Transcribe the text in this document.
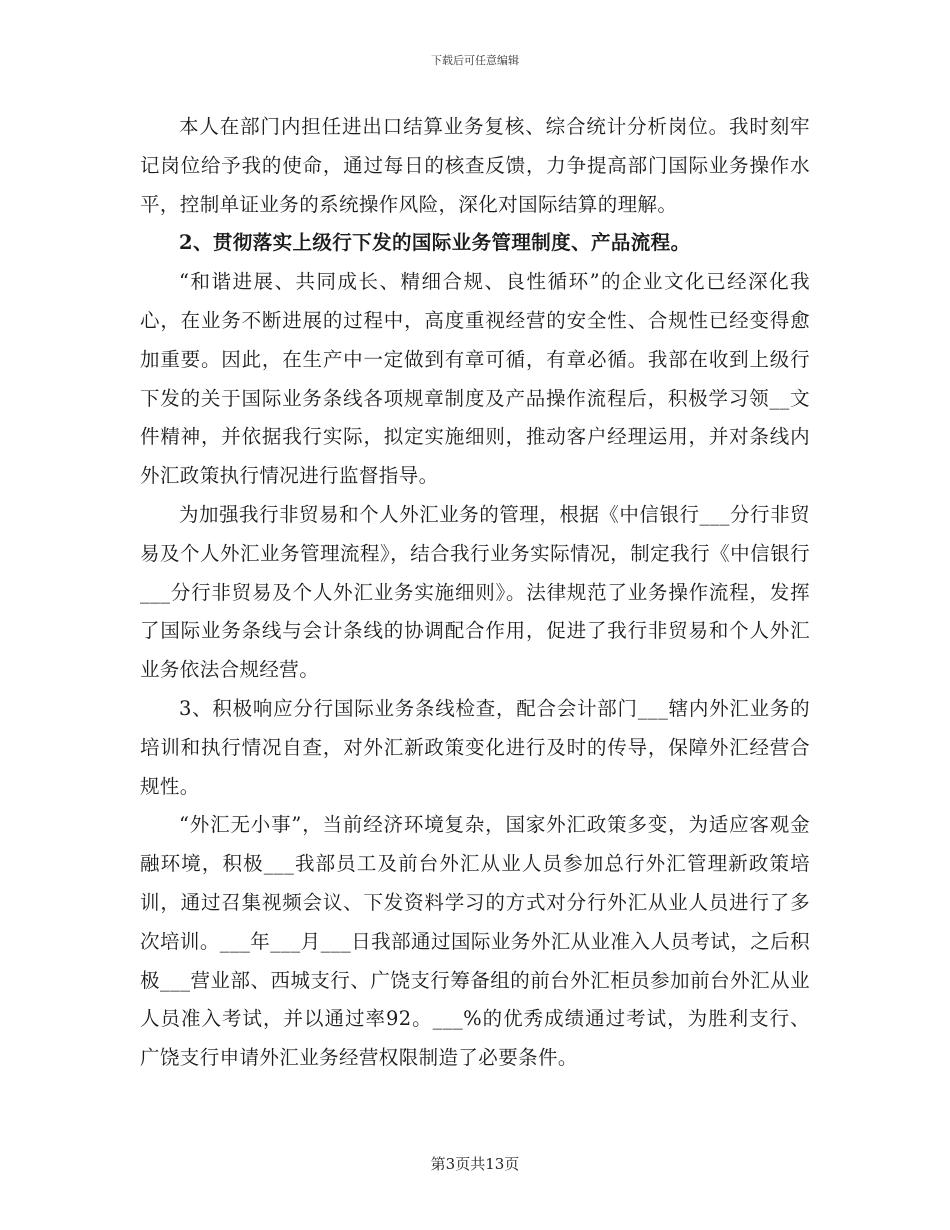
下载后可任意编辑

本人在部门内担任进出口结算业务复核、综合统计分析岗位。我时刻牢记岗位给予我的使命，通过每日的核查反馈，力争提高部门国际业务操作水平，控制单证业务的系统操作风险，深化对国际结算的理解。

2、贯彻落实上级行下发的国际业务管理制度、产品流程。

“和谐进展、共同成长、精细合规、良性循环”的企业文化已经深化我心，在业务不断进展的过程中，高度重视经营的安全性、合规性已经变得愈加重要。因此，在生产中一定做到有章可循，有章必循。我部在收到上级行下发的关于国际业务条线各项规章制度及产品操作流程后，积极学习领__文件精神，并依据我行实际，拟定实施细则，推动客户经理运用，并对条线内外汇政策执行情况进行监督指导。

为加强我行非贸易和个人外汇业务的管理，根据《中信银行___分行非贸易及个人外汇业务管理流程》，结合我行业务实际情况，制定我行《中信银行___分行非贸易及个人外汇业务实施细则》。法律规范了业务操作流程，发挥了国际业务条线与会计条线的协调配合作用，促进了我行非贸易和个人外汇业务依法合规经营。

3、积极响应分行国际业务条线检查，配合会计部门___辖内外汇业务的培训和执行情况自查，对外汇新政策变化进行及时的传导，保障外汇经营合规性。

“外汇无小事”，当前经济环境复杂，国家外汇政策多变，为适应客观金融环境，积极___我部员工及前台外汇从业人员参加总行外汇管理新政策培训，通过召集视频会议、下发资料学习的方式对分行外汇从业人员进行了多次培训。___年___月___日我部通过国际业务外汇从业准入人员考试，之后积极___营业部、西城支行、广饶支行筹备组的前台外汇柜员参加前台外汇从业人员准入考试，并以通过率92。___%的优秀成绩通过考试，为胜利支行、广饶支行申请外汇业务经营权限制造了必要条件。

第3页共13页
